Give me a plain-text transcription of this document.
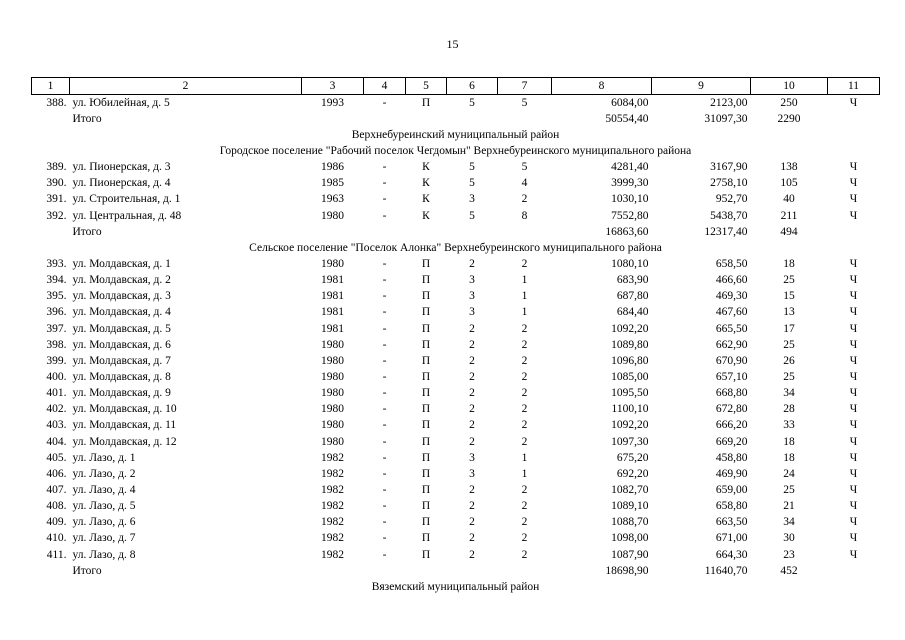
15
1	2	3	4	5	6	7	8	9	10	11
388.	ул. Юбилейная, д. 5	1993	-	П	5	5	6084,00	2123,00	250	Ч
	Итого						50554,40	31097,30	2290	
Верхнебуреинский муниципальный район										
Городское поселение "Рабочий поселок Чегдомын" Верхнебуреинского муниципального района										
389.	ул. Пионерская, д. 3	1986	-	К	5	5	4281,40	3167,90	138	Ч
390.	ул. Пионерская, д. 4	1985	-	К	5	4	3999,30	2758,10	105	Ч
391.	ул. Строительная, д. 1	1963	-	К	3	2	1030,10	952,70	40	Ч
392.	ул. Центральная, д. 48	1980	-	К	5	8	7552,80	5438,70	211	Ч
	Итого						16863,60	12317,40	494	
Сельское поселение "Поселок Алонка" Верхнебуреинского муниципального района										
393.	ул. Молдавская, д. 1	1980	-	П	2	2	1080,10	658,50	18	Ч
394.	ул. Молдавская, д. 2	1981	-	П	3	1	683,90	466,60	25	Ч
395.	ул. Молдавская, д. 3	1981	-	П	3	1	687,80	469,30	15	Ч
396.	ул. Молдавская, д. 4	1981	-	П	3	1	684,40	467,60	13	Ч
397.	ул. Молдавская, д. 5	1981	-	П	2	2	1092,20	665,50	17	Ч
398.	ул. Молдавская, д. 6	1980	-	П	2	2	1089,80	662,90	25	Ч
399.	ул. Молдавская, д. 7	1980	-	П	2	2	1096,80	670,90	26	Ч
400.	ул. Молдавская, д. 8	1980	-	П	2	2	1085,00	657,10	25	Ч
401.	ул. Молдавская, д. 9	1980	-	П	2	2	1095,50	668,80	34	Ч
402.	ул. Молдавская, д. 10	1980	-	П	2	2	1100,10	672,80	28	Ч
403.	ул. Молдавская, д. 11	1980	-	П	2	2	1092,20	666,20	33	Ч
404.	ул. Молдавская, д. 12	1980	-	П	2	2	1097,30	669,20	18	Ч
405.	ул. Лазо, д. 1	1982	-	П	3	1	675,20	458,80	18	Ч
406.	ул. Лазо, д. 2	1982	-	П	3	1	692,20	469,90	24	Ч
407.	ул. Лазо, д. 4	1982	-	П	2	2	1082,70	659,00	25	Ч
408.	ул. Лазо, д. 5	1982	-	П	2	2	1089,10	658,80	21	Ч
409.	ул. Лазо, д. 6	1982	-	П	2	2	1088,70	663,50	34	Ч
410.	ул. Лазо, д. 7	1982	-	П	2	2	1098,00	671,00	30	Ч
411.	ул. Лазо, д. 8	1982	-	П	2	2	1087,90	664,30	23	Ч
	Итого						18698,90	11640,70	452	
Вяземский муниципальный район										
